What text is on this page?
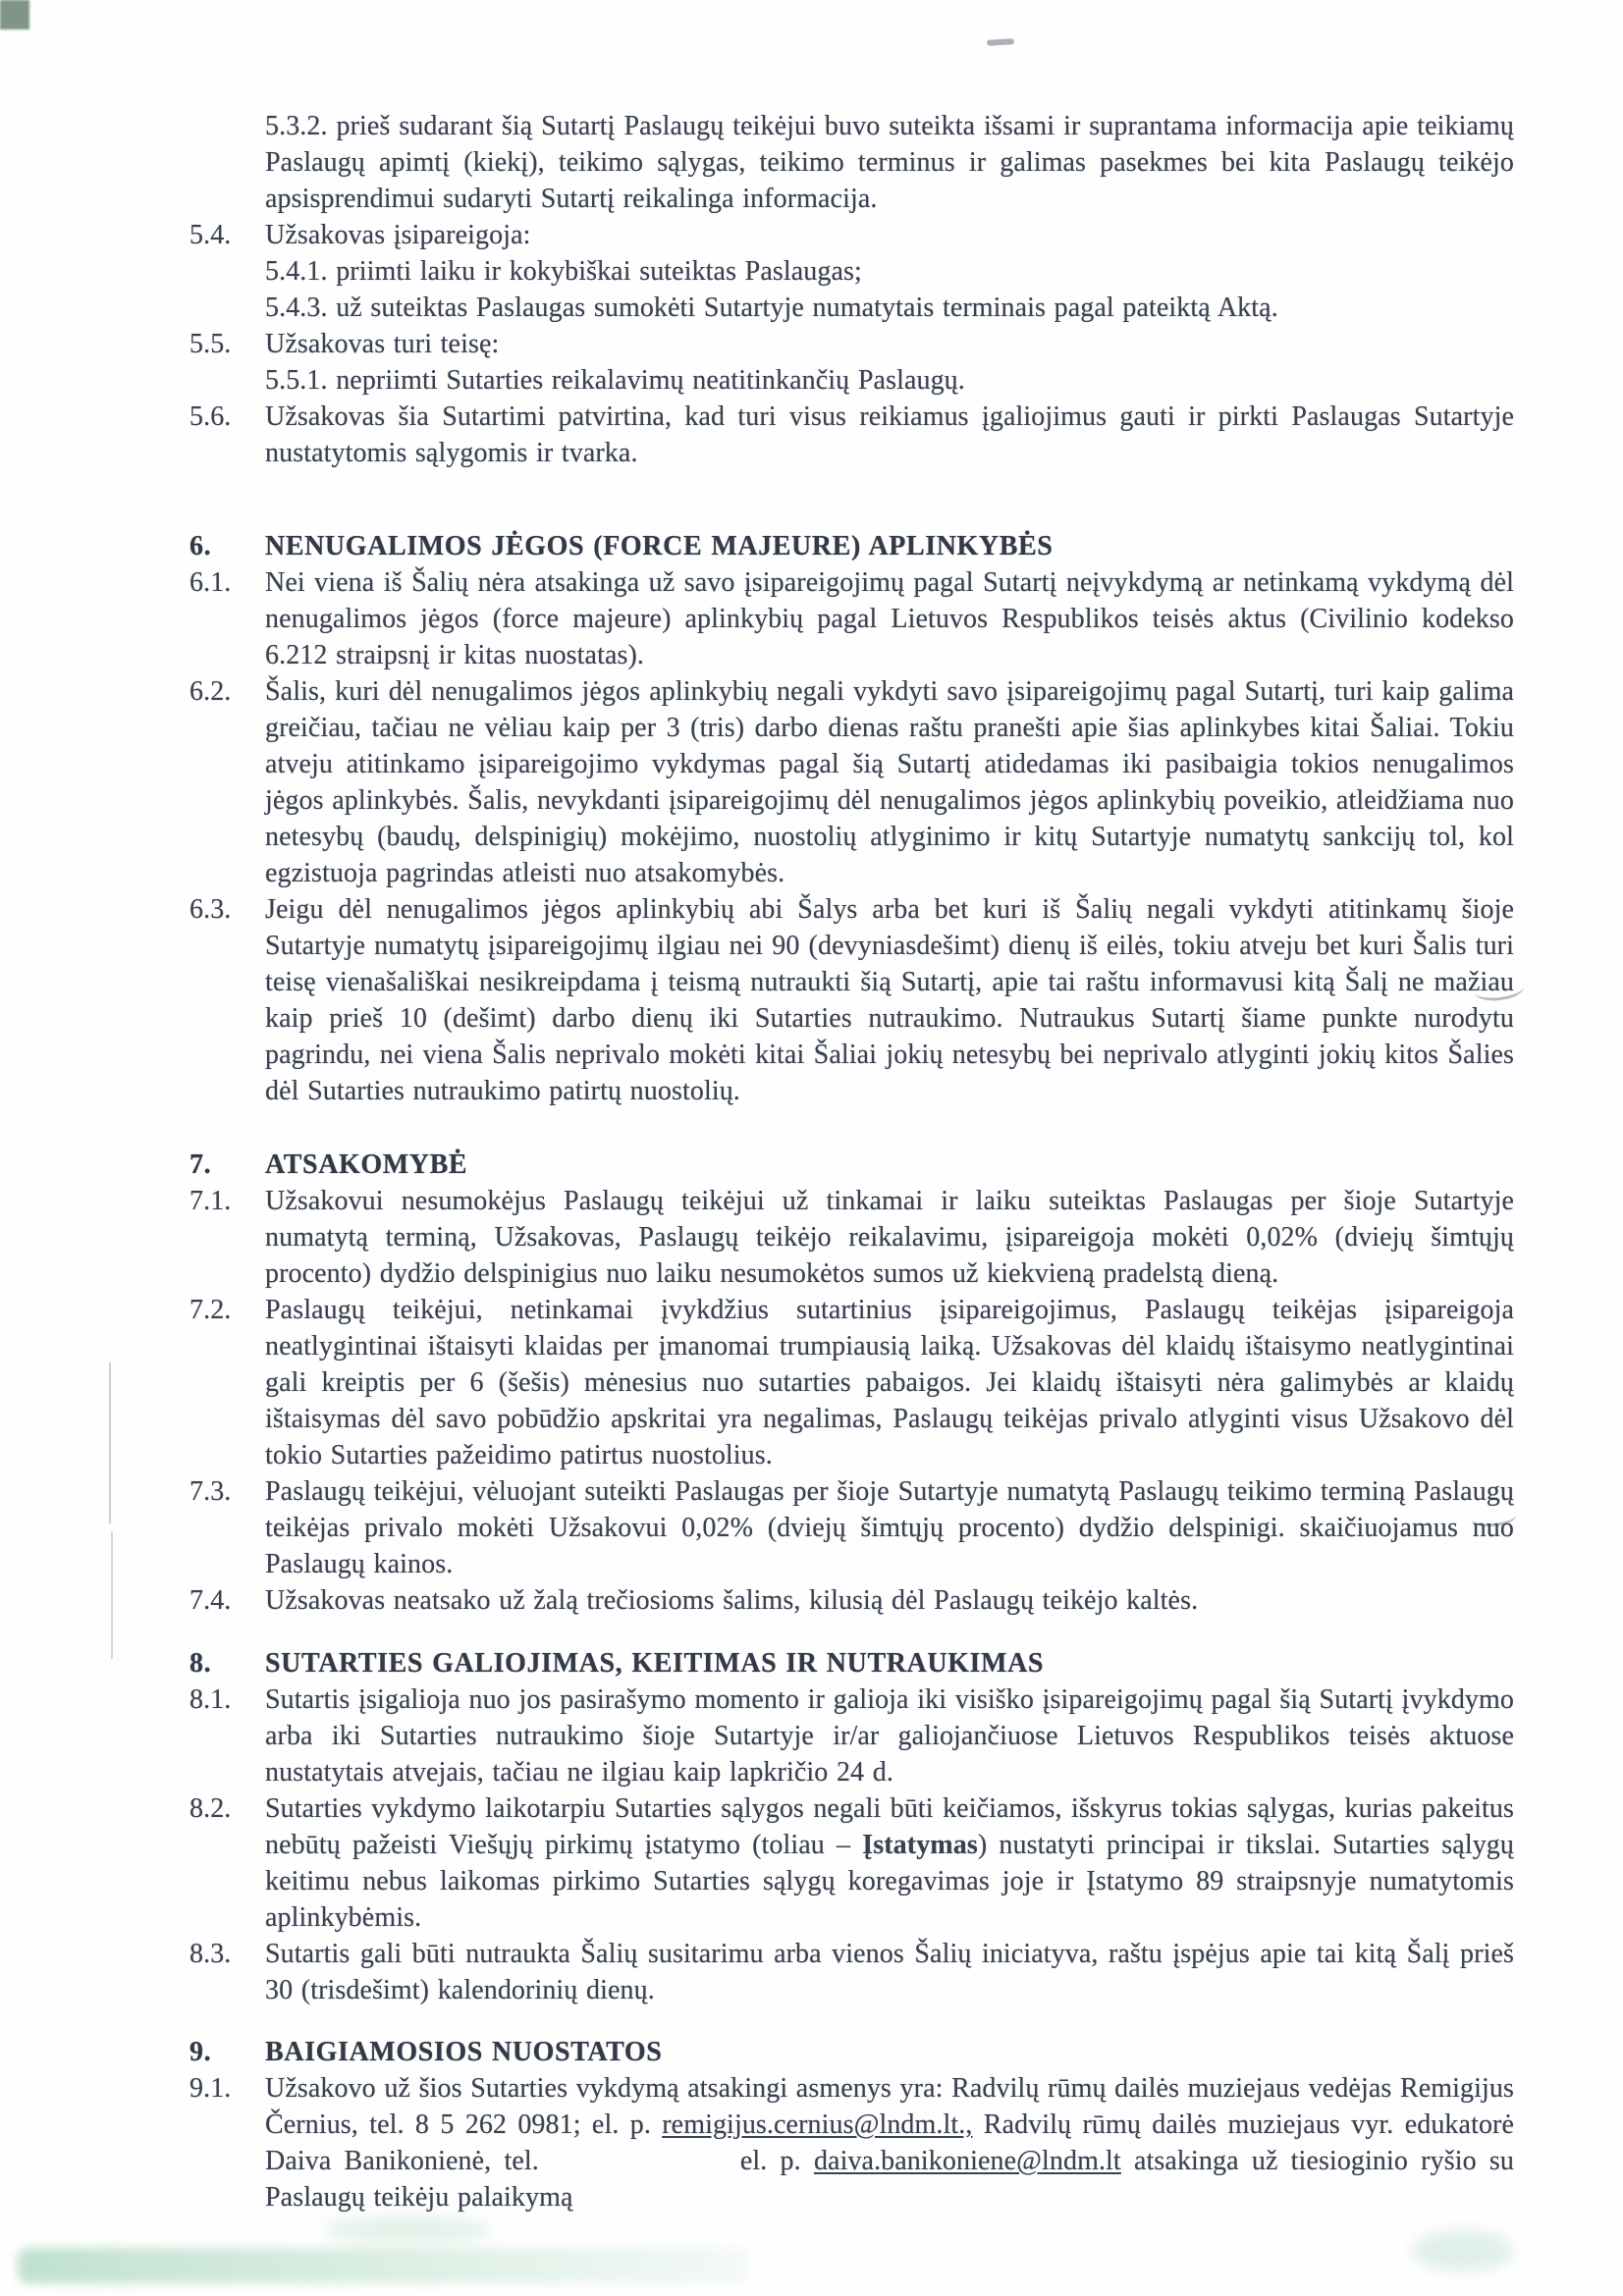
5.3.2. prieš sudarant šią Sutartį Paslaugų teikėjui buvo suteikta išsami ir suprantama informacija apie teikiamų Paslaugų apimtį (kiekį), teikimo sąlygas, teikimo terminus ir galimas pasekmes bei kita Paslaugų teikėjo apsisprendimui sudaryti Sutartį reikalinga informacija.
5.4.	Užsakovas įsipareigoja:
5.4.1. priimti laiku ir kokybiškai suteiktas Paslaugas;
5.4.3. už suteiktas Paslaugas sumokėti Sutartyje numatytais terminais pagal pateiktą Aktą.
5.5.	Užsakovas turi teisę:
5.5.1. nepriimti Sutarties reikalavimų neatitinkančių Paslaugų.
5.6.	Užsakovas šia Sutartimi patvirtina, kad turi visus reikiamus įgaliojimus gauti ir pirkti Paslaugas Sutartyje nustatytomis sąlygomis ir tvarka.
6.	NENUGALIMOS JĖGOS (FORCE MAJEURE) APLINKYBĖS
6.1.	Nei viena iš Šalių nėra atsakinga už savo įsipareigojimų pagal Sutartį neįvykdymą ar netinkamą vykdymą dėl nenugalimos jėgos (force majeure) aplinkybių pagal Lietuvos Respublikos teisės aktus (Civilinio kodekso 6.212 straipsnį ir kitas nuostatas).
6.2.	Šalis, kuri dėl nenugalimos jėgos aplinkybių negali vykdyti savo įsipareigojimų pagal Sutartį, turi kaip galima greičiau, tačiau ne vėliau kaip per 3 (tris) darbo dienas raštu pranešti apie šias aplinkybes kitai Šaliai. Tokiu atveju atitinkamo įsipareigojimo vykdymas pagal šią Sutartį atidedamas iki pasibaigia tokios nenugalimos jėgos aplinkybės. Šalis, nevykdanti įsipareigojimų dėl nenugalimos jėgos aplinkybių poveikio, atleidžiama nuo netesybų (baudų, delspinigių) mokėjimo, nuostolių atlyginimo ir kitų Sutartyje numatytų sankcijų tol, kol egzistuoja pagrindas atleisti nuo atsakomybės.
6.3.	Jeigu dėl nenugalimos jėgos aplinkybių abi Šalys arba bet kuri iš Šalių negali vykdyti atitinkamų šioje Sutartyje numatytų įsipareigojimų ilgiau nei 90 (devyniasdešimt) dienų iš eilės, tokiu atveju bet kuri Šalis turi teisę vienašališkai nesikreipdama į teismą nutraukti šią Sutartį, apie tai raštu informavusi kitą Šalį ne mažiau kaip prieš 10 (dešimt) darbo dienų iki Sutarties nutraukimo. Nutraukus Sutartį šiame punkte nurodytu pagrindu, nei viena Šalis neprivalo mokėti kitai Šaliai jokių netesybų bei neprivalo atlyginti jokių kitos Šalies dėl Sutarties nutraukimo patirtų nuostolių.
7.	ATSAKOMYBĖ
7.1.	Užsakovui nesumokėjus Paslaugų teikėjui už tinkamai ir laiku suteiktas Paslaugas per šioje Sutartyje numatytą terminą, Užsakovas, Paslaugų teikėjo reikalavimu, įsipareigoja mokėti 0,02% (dviejų šimtųjų procento) dydžio delspinigius nuo laiku nesumokėtos sumos už kiekvieną pradelstą dieną.
7.2.	Paslaugų teikėjui, netinkamai įvykdžius sutartinius įsipareigojimus, Paslaugų teikėjas įsipareigoja neatlygintinai ištaisyti klaidas per įmanomai trumpiausią laiką. Užsakovas dėl klaidų ištaisymo neatlygintinai gali kreiptis per 6 (šešis) mėnesius nuo sutarties pabaigos. Jei klaidų ištaisyti nėra galimybės ar klaidų ištaisymas dėl savo pobūdžio apskritai yra negalimas, Paslaugų teikėjas privalo atlyginti visus Užsakovo dėl tokio Sutarties pažeidimo patirtus nuostolius.
7.3.	Paslaugų teikėjui, vėluojant suteikti Paslaugas per šioje Sutartyje numatytą Paslaugų teikimo terminą Paslaugų teikėjas privalo mokėti Užsakovui 0,02% (dviejų šimtųjų procento) dydžio delspinigi. skaičiuojamus nuo Paslaugų kainos.
7.4.	Užsakovas neatsako už žalą trečiosioms šalims, kilusią dėl Paslaugų teikėjo kaltės.
8.	SUTARTIES GALIOJIMAS, KEITIMAS IR NUTRAUKIMAS
8.1.	Sutartis įsigalioja nuo jos pasirašymo momento ir galioja iki visiško įsipareigojimų pagal šią Sutartį įvykdymo arba iki Sutarties nutraukimo šioje Sutartyje ir/ar galiojančiuose Lietuvos Respublikos teisės aktuose nustatytais atvejais, tačiau ne ilgiau kaip lapkričio 24 d.
8.2.	Sutarties vykdymo laikotarpiu Sutarties sąlygos negali būti keičiamos, išskyrus tokias sąlygas, kurias pakeitus nebūtų pažeisti Viešųjų pirkimų įstatymo (toliau – Įstatymas) nustatyti principai ir tikslai. Sutarties sąlygų keitimu nebus laikomas pirkimo Sutarties sąlygų koregavimas joje ir Įstatymo 89 straipsnyje numatytomis aplinkybėmis.
8.3.	Sutartis gali būti nutraukta Šalių susitarimu arba vienos Šalių iniciatyva, raštu įspėjus apie tai kitą Šalį prieš 30 (trisdešimt) kalendorinių dienų.
9.	BAIGIAMOSIOS NUOSTATOS
9.1.	Užsakovo už šios Sutarties vykdymą atsakingi asmenys yra: Radvilų rūmų dailės muziejaus vedėjas Remigijus Černius, tel. 8 5 262 0981; el. p. remigijus.cernius@lndm.lt., Radvilų rūmų dailės muziejaus vyr. edukatorė Daiva Banikonienė, tel.	el. p. daiva.banikoniene@lndm.lt atsakinga už tiesioginio ryšio su Paslaugų teikėju palaikymą
